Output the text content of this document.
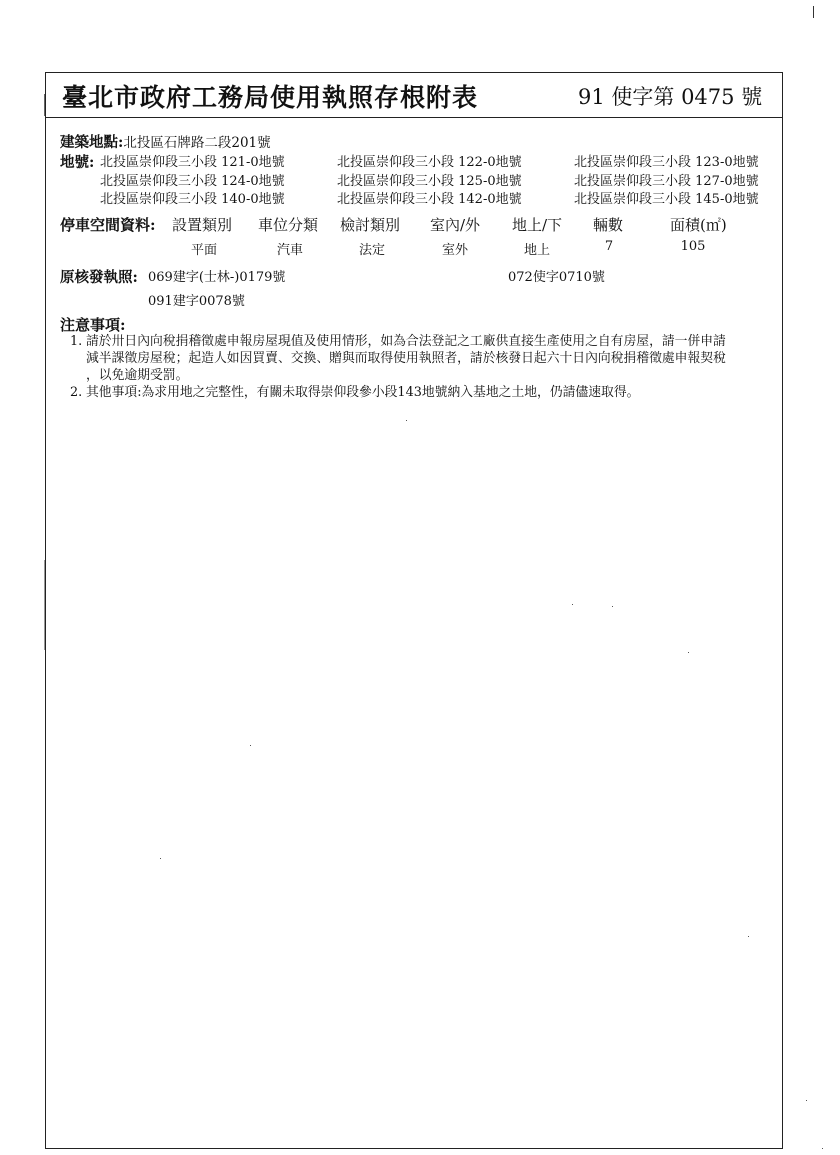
臺北市政府工務局使用執照存根附表	91 使字第 0475 號
建築地點:北投區石牌路二段201號
地號: 北投區崇仰段三小段 121-0地號	北投區崇仰段三小段 122-0地號	北投區崇仰段三小段 123-0地號
北投區崇仰段三小段 124-0地號	北投區崇仰段三小段 125-0地號	北投區崇仰段三小段 127-0地號
北投區崇仰段三小段 140-0地號	北投區崇仰段三小段 142-0地號	北投區崇仰段三小段 145-0地號
停車空間資料: 設置類別 車位分類 檢討類別 室內/外 地上/下 輛數	面積(㎡)
平面	汽車	法定	室外	地上	7	105
原核發執照: 069建字(士林-)0179號	072使字0710號
091建字0078號
注意事項:
1. 請於卅日內向稅捐稽徵處申報房屋現值及使用情形，如為合法登記之工廠供直接生產使用之自有房屋，請一併申請
減半課徵房屋稅；起造人如因買賣、交換、贈與而取得使用執照者，請於核發日起六十日內向稅捐稽徵處申報契稅
，以免逾期受罰。
2. 其他事項:為求用地之完整性，有關未取得崇仰段參小段143地號納入基地之土地，仍請儘速取得。
